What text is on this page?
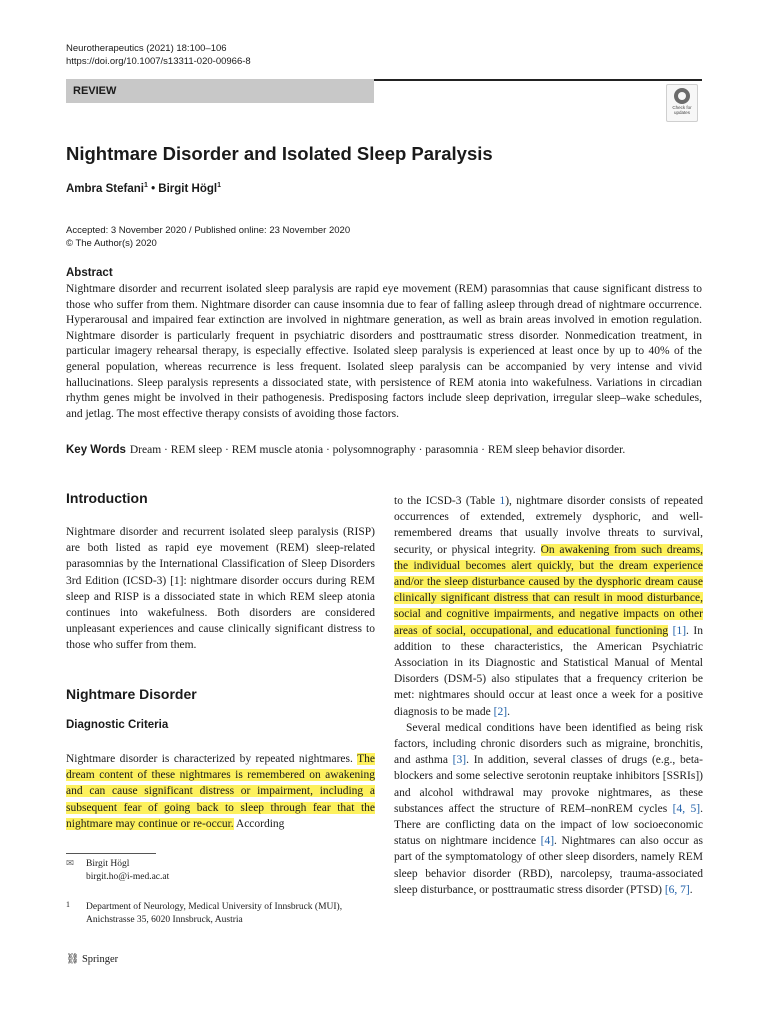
Neurotherapeutics (2021) 18:100–106
https://doi.org/10.1007/s13311-020-00966-8
REVIEW
Check for
updates
Nightmare Disorder and Isolated Sleep Paralysis
Ambra Stefani$^1$ • Birgit Högl$^1$
Accepted: 3 November 2020 / Published online: 23 November 2020
© The Author(s) 2020
Abstract
Nightmare disorder and recurrent isolated sleep paralysis are rapid eye movement (REM) parasomnias that cause significant distress to those who suffer from them. Nightmare disorder can cause insomnia due to fear of falling asleep through dread of nightmare occurrence. Hyperarousal and impaired fear extinction are involved in nightmare generation, as well as brain areas involved in emotion regulation. Nightmare disorder is particularly frequent in psychiatric disorders and posttraumatic stress disorder. Nonmedication treatment, in particular imagery rehearsal therapy, is especially effective. Isolated sleep paralysis is experienced at least once by up to 40% of the general population, whereas recurrence is less frequent. Isolated sleep paralysis can be accompanied by very intense and vivid hallucinations. Sleep paralysis represents a dissociated state, with persistence of REM atonia into wakefulness. Variations in circadian rhythm genes might be involved in their pathogenesis. Predisposing factors include sleep deprivation, irregular sleep–wake schedules, and jetlag. The most effective therapy consists of avoiding those factors.
Key Words Dream · REM sleep · REM muscle atonia · polysomnography · parasomnia · REM sleep behavior disorder.
Introduction

Nightmare disorder and recurrent isolated sleep paralysis (RISP) are both listed as rapid eye movement (REM) sleep-related parasomnias by the International Classification of Sleep Disorders 3rd Edition (ICSD-3) [1]: nightmare disorder occurs during REM sleep and RISP is a dissociated state in which REM sleep atonia continues into wakefulness. Both disorders are considered unpleasant experiences and cause clinically significant distress to those who suffer from them.

Nightmare Disorder
Diagnostic Criteria

Nightmare disorder is characterized by repeated nightmares. The dream content of these nightmares is remembered on awakening and can cause significant distress or impairment, including a subsequent fear of going back to sleep through fear that the nightmare may continue or re-occur. According

✉ Birgit Högl
birgit.ho@i-med.ac.at
$^1$ Department of Neurology, Medical University of Innsbruck (MUI), Anichstrasse 35, 6020 Innsbruck, Austria

to the ICSD-3 (Table 1), nightmare disorder consists of repeated occurrences of extended, extremely dysphoric, and well-remembered dreams that usually involve threats to survival, security, or physical integrity. On awakening from such dreams, the individual becomes alert quickly, but the dream experience and/or the sleep disturbance caused by the dysphoric dream cause clinically significant distress that can result in mood disturbance, social and cognitive impairments, and negative impacts on other areas of social, occupational, and educational functioning [1]. In addition to these characteristics, the American Psychiatric Association in its Diagnostic and Statistical Manual of Mental Disorders (DSM-5) also stipulates that a frequency criterion be met: nightmares should occur at least once a week for a positive diagnosis to be made [2].

Several medical conditions have been identified as being risk factors, including chronic disorders such as migraine, bronchitis, and asthma [3]. In addition, several classes of drugs (e.g., beta-blockers and some selective serotonin reuptake inhibitors [SSRIs]) and alcohol withdrawal may provoke nightmares, as these substances affect the structure of REM–nonREM cycles [4, 5]. There are conflicting data on the impact of low socioeconomic status on nightmare incidence [4]. Nightmares can also occur as part of the symptomatology of other sleep disorders, namely REM sleep behavior disorder (RBD), narcolepsy, trauma-associated sleep disturbance, or posttraumatic stress disorder (PTSD) [6, 7].

⛓ Springer
